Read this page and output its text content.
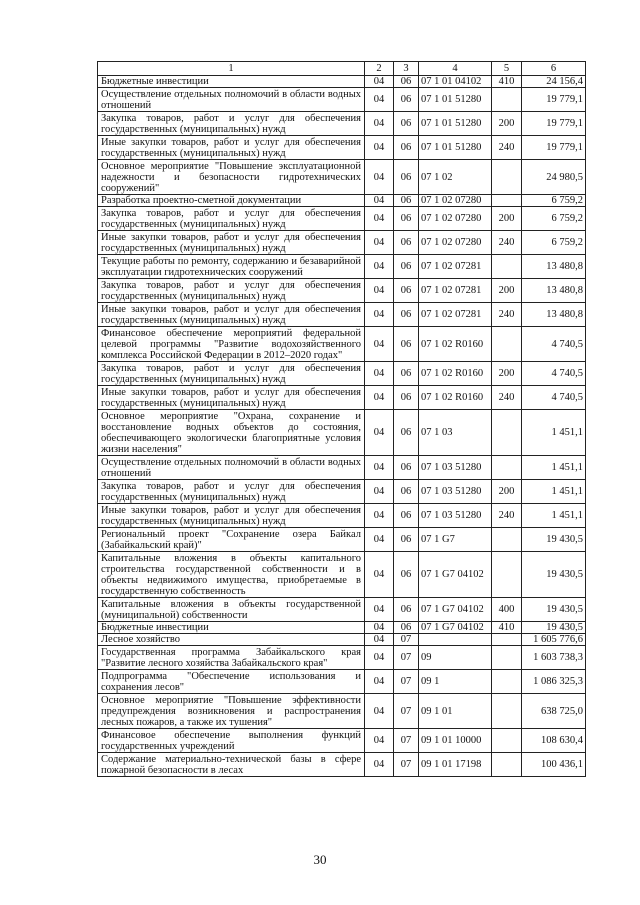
1	2	3	4	5	6

Бюджетные инвестиции	04	06	07 1 01 04102	410	24 156,4

Осуществление отдельных полномочий в области водных отношений	04	06	07 1 01 51280		19 779,1

Закупка товаров, работ и услуг для обеспечения государственных (муниципальных) нужд	04	06	07 1 01 51280	200	19 779,1

Иные закупки товаров, работ и услуг для обеспечения государственных (муниципальных) нужд	04	06	07 1 01 51280	240	19 779,1

Основное мероприятие "Повышение эксплуатационной надежности и безопасности гидротехнических сооружений"	04	06	07 1 02		24 980,5

Разработка проектно-сметной документации	04	06	07 1 02 07280		6 759,2

Закупка товаров, работ и услуг для обеспечения государственных (муниципальных) нужд	04	06	07 1 02 07280	200	6 759,2

Иные закупки товаров, работ и услуг для обеспечения государственных (муниципальных) нужд	04	06	07 1 02 07280	240	6 759,2

Текущие работы по ремонту, содержанию и безаварийной эксплуатации гидротехнических сооружений	04	06	07 1 02 07281		13 480,8

Закупка товаров, работ и услуг для обеспечения государственных (муниципальных) нужд	04	06	07 1 02 07281	200	13 480,8

Иные закупки товаров, работ и услуг для обеспечения государственных (муниципальных) нужд	04	06	07 1 02 07281	240	13 480,8

Финансовое обеспечение мероприятий федеральной целевой программы "Развитие водохозяйственного комплекса Российской Федерации в 2012–2020 годах"	04	06	07 1 02 R0160		4 740,5

Закупка товаров, работ и услуг для обеспечения государственных (муниципальных) нужд	04	06	07 1 02 R0160	200	4 740,5

Иные закупки товаров, работ и услуг для обеспечения государственных (муниципальных) нужд	04	06	07 1 02 R0160	240	4 740,5

Основное мероприятие "Охрана, сохранение и восстановление водных объектов до состояния, обеспечивающего экологически благоприятные условия жизни населения"	04	06	07 1 03		1 451,1

Осуществление отдельных полномочий в области водных отношений	04	06	07 1 03 51280		1 451,1

Закупка товаров, работ и услуг для обеспечения государственных (муниципальных) нужд	04	06	07 1 03 51280	200	1 451,1

Иные закупки товаров, работ и услуг для обеспечения государственных (муниципальных) нужд	04	06	07 1 03 51280	240	1 451,1

Региональный проект "Сохранение озера Байкал (Забайкальский край)"	04	06	07 1 G7		19 430,5

Капитальные вложения в объекты капитального строительства государственной собственности и в объекты недвижимого имущества, приобретаемые в государственную собственность	04	06	07 1 G7 04102		19 430,5

Капитальные вложения в объекты государственной (муниципальной) собственности	04	06	07 1 G7 04102	400	19 430,5

Бюджетные инвестиции	04	06	07 1 G7 04102	410	19 430,5

Лесное хозяйство	04	07			1 605 776,6

Государственная программа Забайкальского края "Развитие лесного хозяйства Забайкальского края"	04	07	09		1 603 738,3

Подпрограмма "Обеспечение использования и сохранения лесов"	04	07	09 1		1 086 325,3

Основное мероприятие "Повышение эффективности предупреждения возникновения и распространения лесных пожаров, а также их тушения"	04	07	09 1 01		638 725,0

Финансовое обеспечение выполнения функций государственных учреждений	04	07	09 1 01 10000		108 630,4

Содержание материально-технической базы в сфере пожарной безопасности в лесах	04	07	09 1 01 17198		100 436,1
30
